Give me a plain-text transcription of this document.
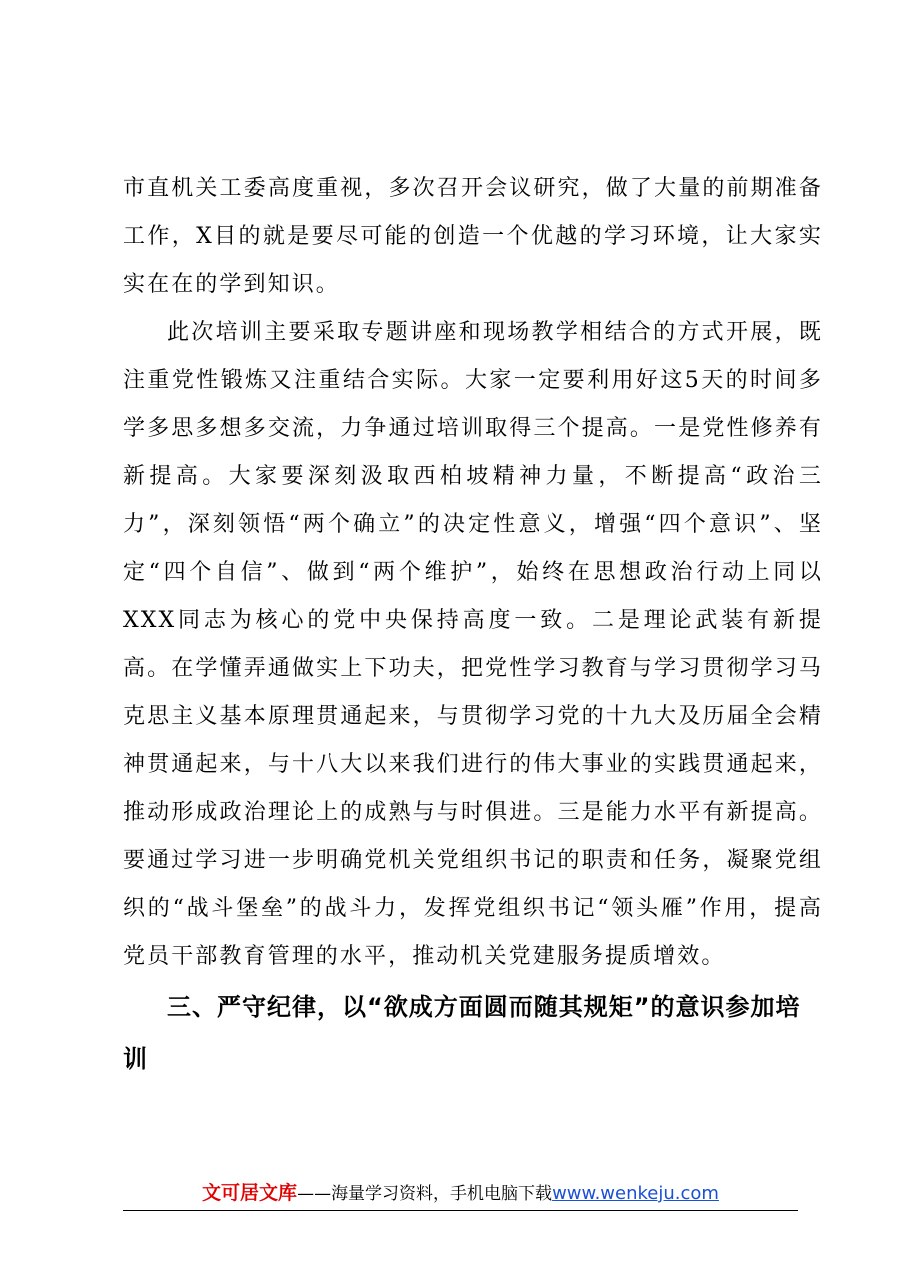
市直机关工委高度重视，多次召开会议研究，做了大量的前期准备工作，X目的就是要尽可能的创造一个优越的学习环境，让大家实实在在的学到知识。

此次培训主要采取专题讲座和现场教学相结合的方式开展，既注重党性锻炼又注重结合实际。大家一定要利用好这5天的时间多学多思多想多交流，力争通过培训取得三个提高。一是党性修养有新提高。大家要深刻汲取西柏坡精神力量，不断提高“政治三力”，深刻领悟“两个确立”的决定性意义，增强“四个意识”、坚定“四个自信”、做到“两个维护”，始终在思想政治行动上同以XXX同志为核心的党中央保持高度一致。二是理论武装有新提高。在学懂弄通做实上下功夫，把党性学习教育与学习贯彻学习马克思主义基本原理贯通起来，与贯彻学习党的十九大及历届全会精神贯通起来，与十八大以来我们进行的伟大事业的实践贯通起来，推动形成政治理论上的成熟与与时俱进。三是能力水平有新提高。要通过学习进一步明确党机关党组织书记的职责和任务，凝聚党组织的“战斗堡垒”的战斗力，发挥党组织书记“领头雁”作用，提高党员干部教育管理的水平，推动机关党建服务提质增效。

三、严守纪律，以“欲成方面圆而随其规矩”的意识参加培训

文可居文库——海量学习资料，手机电脑下载www.wenkeju.com
